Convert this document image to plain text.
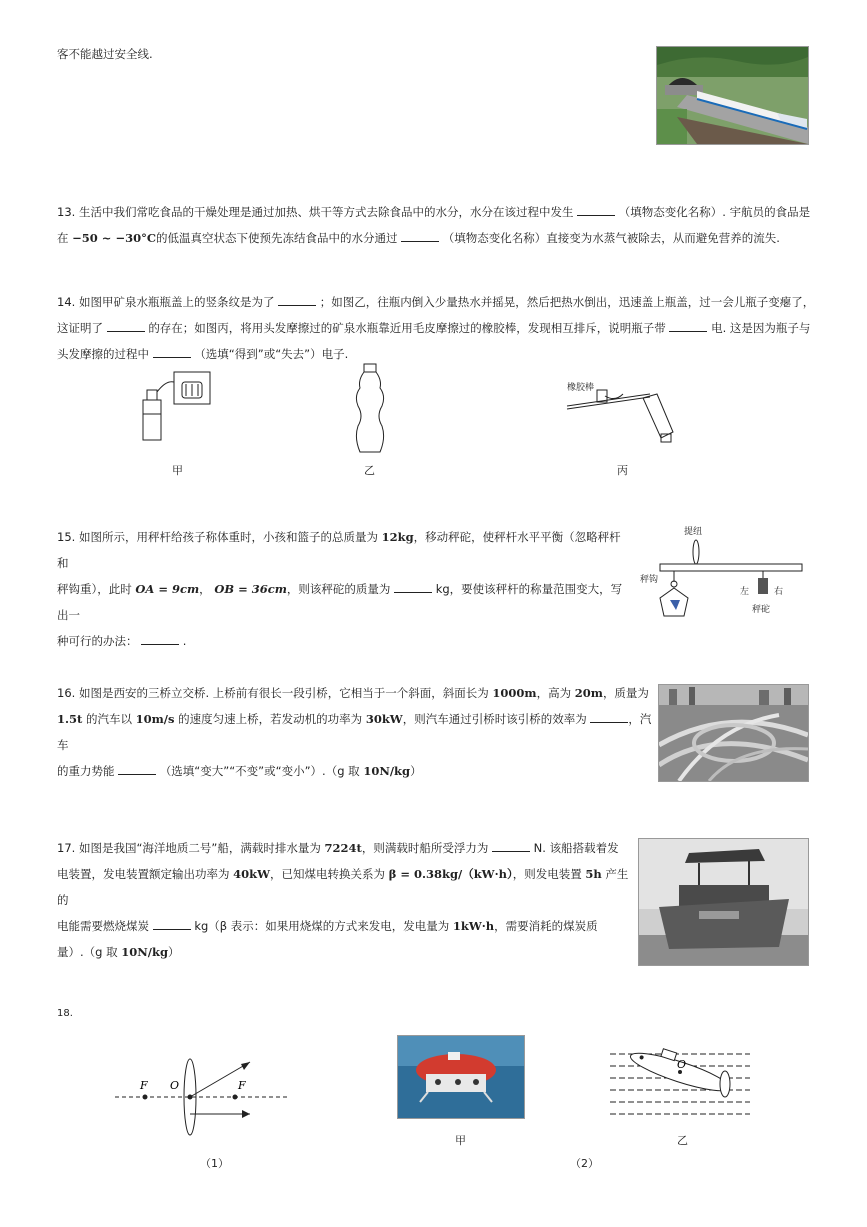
客不能越过安全线.
13. 生活中我们常吃食品的干燥处理是通过加热、烘干等方式去除食品中的水分，水分在该过程中发生	（填物态变化名称）. 宇航员的食品是
在 −50 ~ −30°C的低温真空状态下使预先冻结食品中的水分通过	（填物态变化名称）直接变为水蒸气被除去，从而避免营养的流失.
14. 如图甲矿泉水瓶瓶盖上的竖条纹是为了	；如图乙，往瓶内倒入少量热水并摇晃，然后把热水倒出，迅速盖上瓶盖，过一会儿瓶子变瘪了，
这证明了	的存在；如图丙，将用头发摩擦过的矿泉水瓶靠近用毛皮摩擦过的橡胶棒，发现相互排斥，说明瓶子带	电. 这是因为瓶子与
头发摩擦的过程中	（选填“得到”或“失去”）电子.
甲	乙
橡胶棒
丙
15. 如图所示，用秤杆给孩子称体重时，小孩和篮子的总质量为 12kg，移动秤砣，使秤杆水平平衡（忽略秤杆和
秤钩重），此时 OA = 9cm， OB = 36cm，则该秤砣的质量为	kg，要使该秤杆的称量范围变大，写出一
种可行的办法：	.
提纽
秤钩
左	右
秤砣
16. 如图是西安的三桥立交桥. 上桥前有很长一段引桥，它相当于一个斜面，斜面长为 1000m，高为 20m，质量为
1.5t 的汽车以 10m/s 的速度匀速上桥，若发动机的功率为 30kW，则汽车通过引桥时该引桥的效率为	，汽车
的重力势能	（选填“变大”“不变”或“变小”）.（g 取 10N/kg）
17. 如图是我国“海洋地质二号”船，满载时排水量为 7224t，则满载时船所受浮力为	N. 该船搭载着发
电装置，发电装置额定输出功率为 40kW，已知煤电转换关系为 β = 0.38kg/（kW·h），则发电装置 5h 产生的
电能需要燃烧煤炭	kg（β 表示：如果用烧煤的方式来发电，发电量为 1kW·h，需要消耗的煤炭质
量）.（g 取 10N/kg）
18.
F O	F
（1）
甲
O
乙
（2）
